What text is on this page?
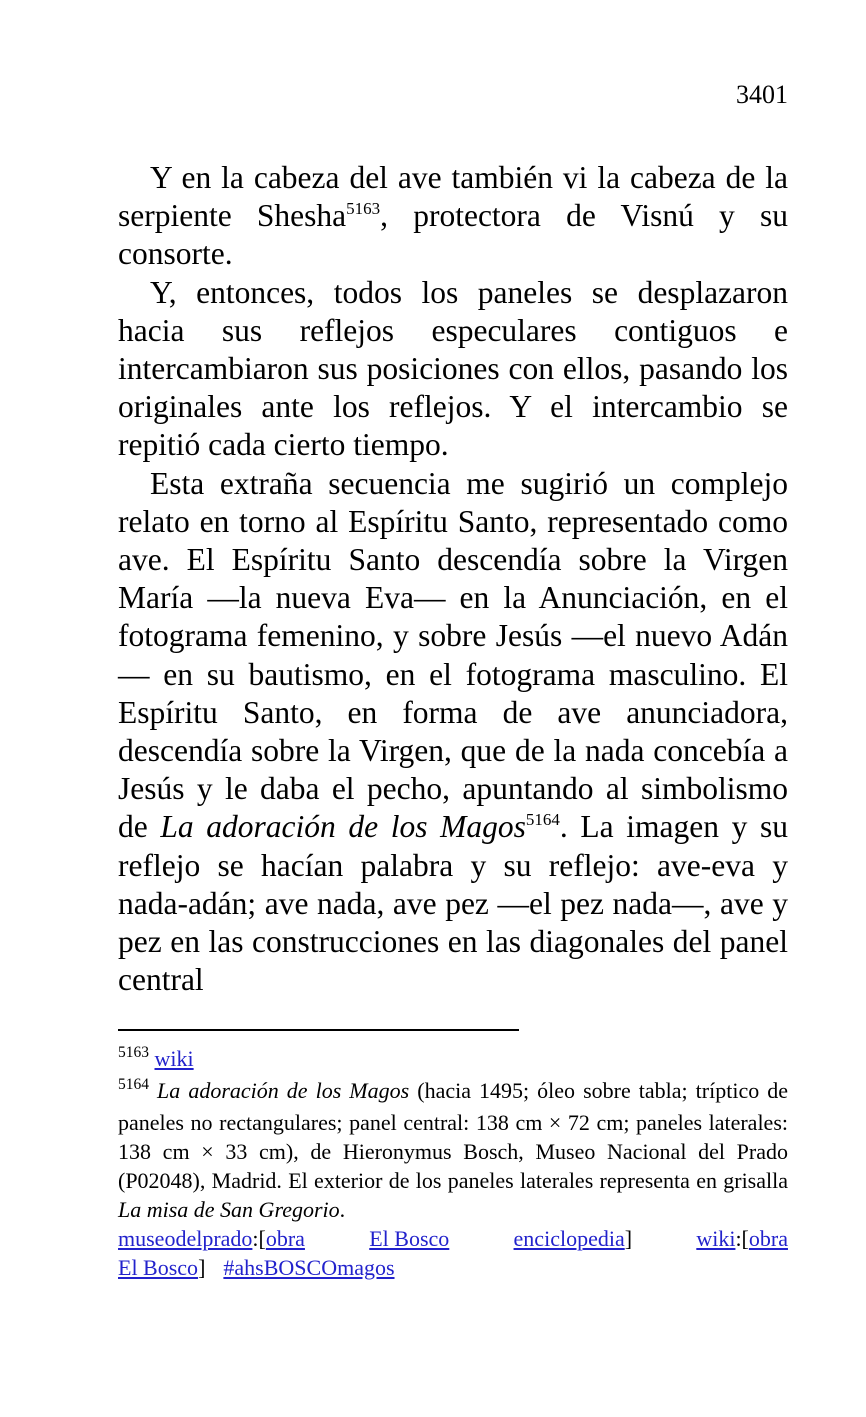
3401

Y en la cabeza del ave también vi la cabeza de la serpiente Shesha$^{5163}$, protectora de Visnú y su consorte.

Y, entonces, todos los paneles se desplazaron hacia sus reflejos especulares contiguos e intercambiaron sus posiciones con ellos, pasando los originales ante los reflejos. Y el intercambio se repitió cada cierto tiempo.

Esta extraña secuencia me sugirió un complejo relato en torno al Espíritu Santo, representado como ave. El Espíritu Santo descendía sobre la Virgen María —la nueva Eva— en la Anunciación, en el fotograma femenino, y sobre Jesús —el nuevo Adán— en su bautismo, en el fotograma masculino. El Espíritu Santo, en forma de ave anunciadora, descendía sobre la Virgen, que de la nada concebía a Jesús y le daba el pecho, apuntando al simbolismo de La adoración de los Magos$^{5164}$. La imagen y su reflejo se hacían palabra y su reflejo: ave-eva y nada-adán; ave nada, ave pez —el pez nada—, ave y pez en las construcciones en las diagonales del panel central

$^{5163}$ wiki

$^{5164}$ La adoración de los Magos (hacia 1495; óleo sobre tabla; tríptico de paneles no rectangulares; panel central: 138 cm × 72 cm; paneles laterales: 138 cm × 33 cm), de Hieronymus Bosch, Museo Nacional del Prado (P02048), Madrid. El exterior de los paneles laterales representa en grisalla La misa de San Gregorio.

museodelprado:[obra	El Bosco	enciclopedia]	wiki:[obra

El Bosco] #ahsBOSCOmagos
